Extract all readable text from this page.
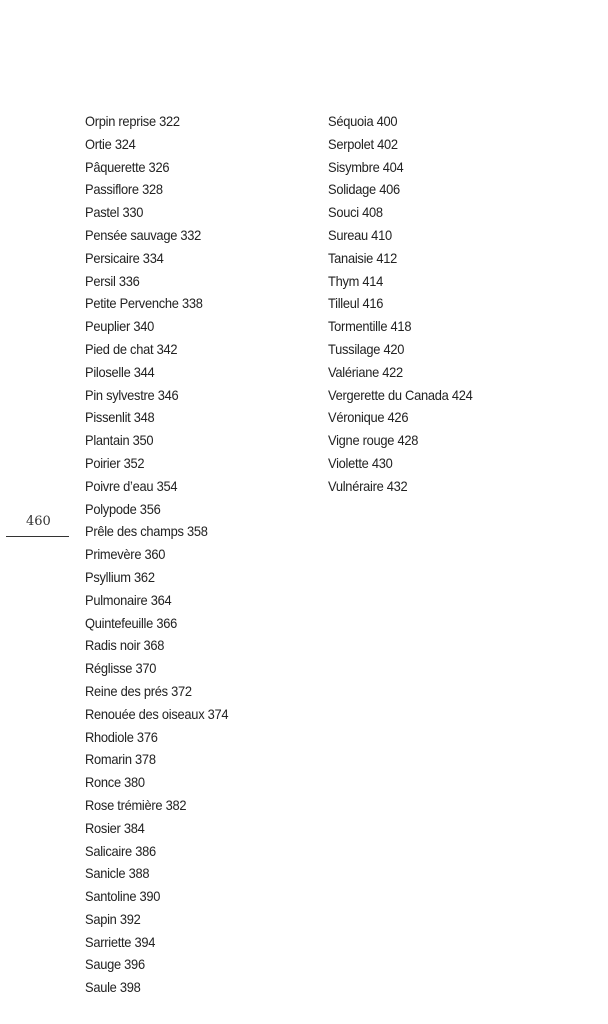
460
Orpin reprise 322
Ortie 324
Pâquerette 326
Passiflore 328
Pastel 330
Pensée sauvage 332
Persicaire 334
Persil 336
Petite Pervenche 338
Peuplier 340
Pied de chat 342
Piloselle 344
Pin sylvestre 346
Pissenlit 348
Plantain 350
Poirier 352
Poivre d’eau 354
Polypode 356
Prêle des champs 358
Primevère 360
Psyllium 362
Pulmonaire 364
Quintefeuille 366
Radis noir 368
Réglisse 370
Reine des prés 372
Renouée des oiseaux 374
Rhodiole 376
Romarin 378
Ronce 380
Rose trémière 382
Rosier 384
Salicaire 386
Sanicle 388
Santoline 390
Sapin 392
Sarriette 394
Sauge 396
Saule 398
Séquoia 400
Serpolet 402
Sisymbre 404
Solidage 406
Souci 408
Sureau 410
Tanaisie 412
Thym 414
Tilleul 416
Tormentille 418
Tussilage 420
Valériane 422
Vergerette du Canada 424
Véronique 426
Vigne rouge 428
Violette 430
Vulnéraire 432
